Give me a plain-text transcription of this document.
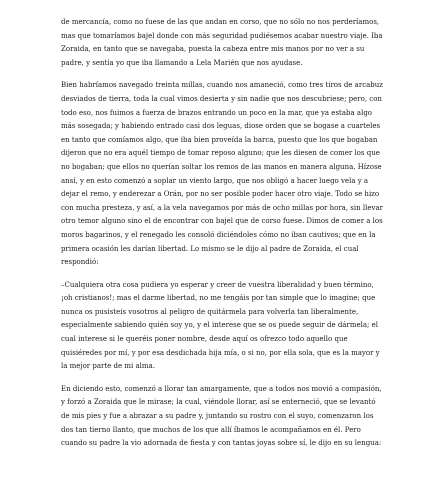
de mercancía, como no fuese de las que andan en corso, que no sólo no nos perderíamos, mas que tomaríamos bajel donde con más seguridad pudiésemos acabar nuestro viaje. Iba Zoraida, en tanto que se navegaba, puesta la cabeza entre mis manos por no ver a su padre, y sentía yo que iba llamando a Lela Marién que nos ayudase.

Bien habríamos navegado treinta millas, cuando nos amaneció, como tres tiros de arcabuz desviados de tierra, toda la cual vimos desierta y sin nadie que nos descubriese; pero, con todo eso, nos fuimos a fuerza de brazos entrando un poco en la mar, que ya estaba algo más sosegada; y habiendo entrado casi dos leguas, diose orden que se bogase a cuarteles en tanto que comíamos algo, que iba bien proveída la barca, puesto que los que bogaban dijeron que no era aquél tiempo de tomar reposo alguno; que les diesen de comer los que no bogaban; que ellos no querían soltar los remos de las manos en manera alguna. Hízose ansí, y en esto comenzó a soplar un viento largo, que nos obligó a hacer luego vela y a dejar el remo, y enderezar a Orán, por no ser posible poder hacer otro viaje. Todo se hizo con mucha presteza, y así, a la vela navegamos por más de ocho millas por hora, sin llevar otro temor alguno sino el de encontrar con bajel que de corso fuese. Dimos de comer a los moros bagarinos, y el renegado les consoló diciéndoles cómo no iban cautivos; que en la primera ocasión les darían libertad. Lo mismo se le dijo al padre de Zoraida, el cual respondió:

–Cualquiera otra cosa pudiera yo esperar y creer de vuestra liberalidad y buen término, ¡oh cristianos!; mas el darme libertad, no me tengáis por tan simple que lo imagine; que nunca os pusisteis vosotros al peligro de quitármela para volverla tan liberalmente, especialmente sabiendo quién soy yo, y el interese que se os puede seguir de dármela; el cual interese si le queréis poner nombre, desde aquí os ofrezco todo aquello que quisiéredes por mí, y por esa desdichada hija mía, o si no, por ella sola, que es la mayor y la mejor parte de mi alma.

En diciendo esto, comenzó a llorar tan amargamente, que a todos nos movió a compasión, y forzó a Zoraida que le mirase; la cual, viéndole llorar, así se enterneció, que se levantó de mis pies y fue a abrazar a su padre y, juntando su rostro con el suyo, comenzaron los dos tan tierno llanto, que muchos de los que allí íbamos le acompañamos en él. Pero cuando su padre la vio adornada de fiesta y con tantas joyas sobre sí, le dijo en su lengua:
